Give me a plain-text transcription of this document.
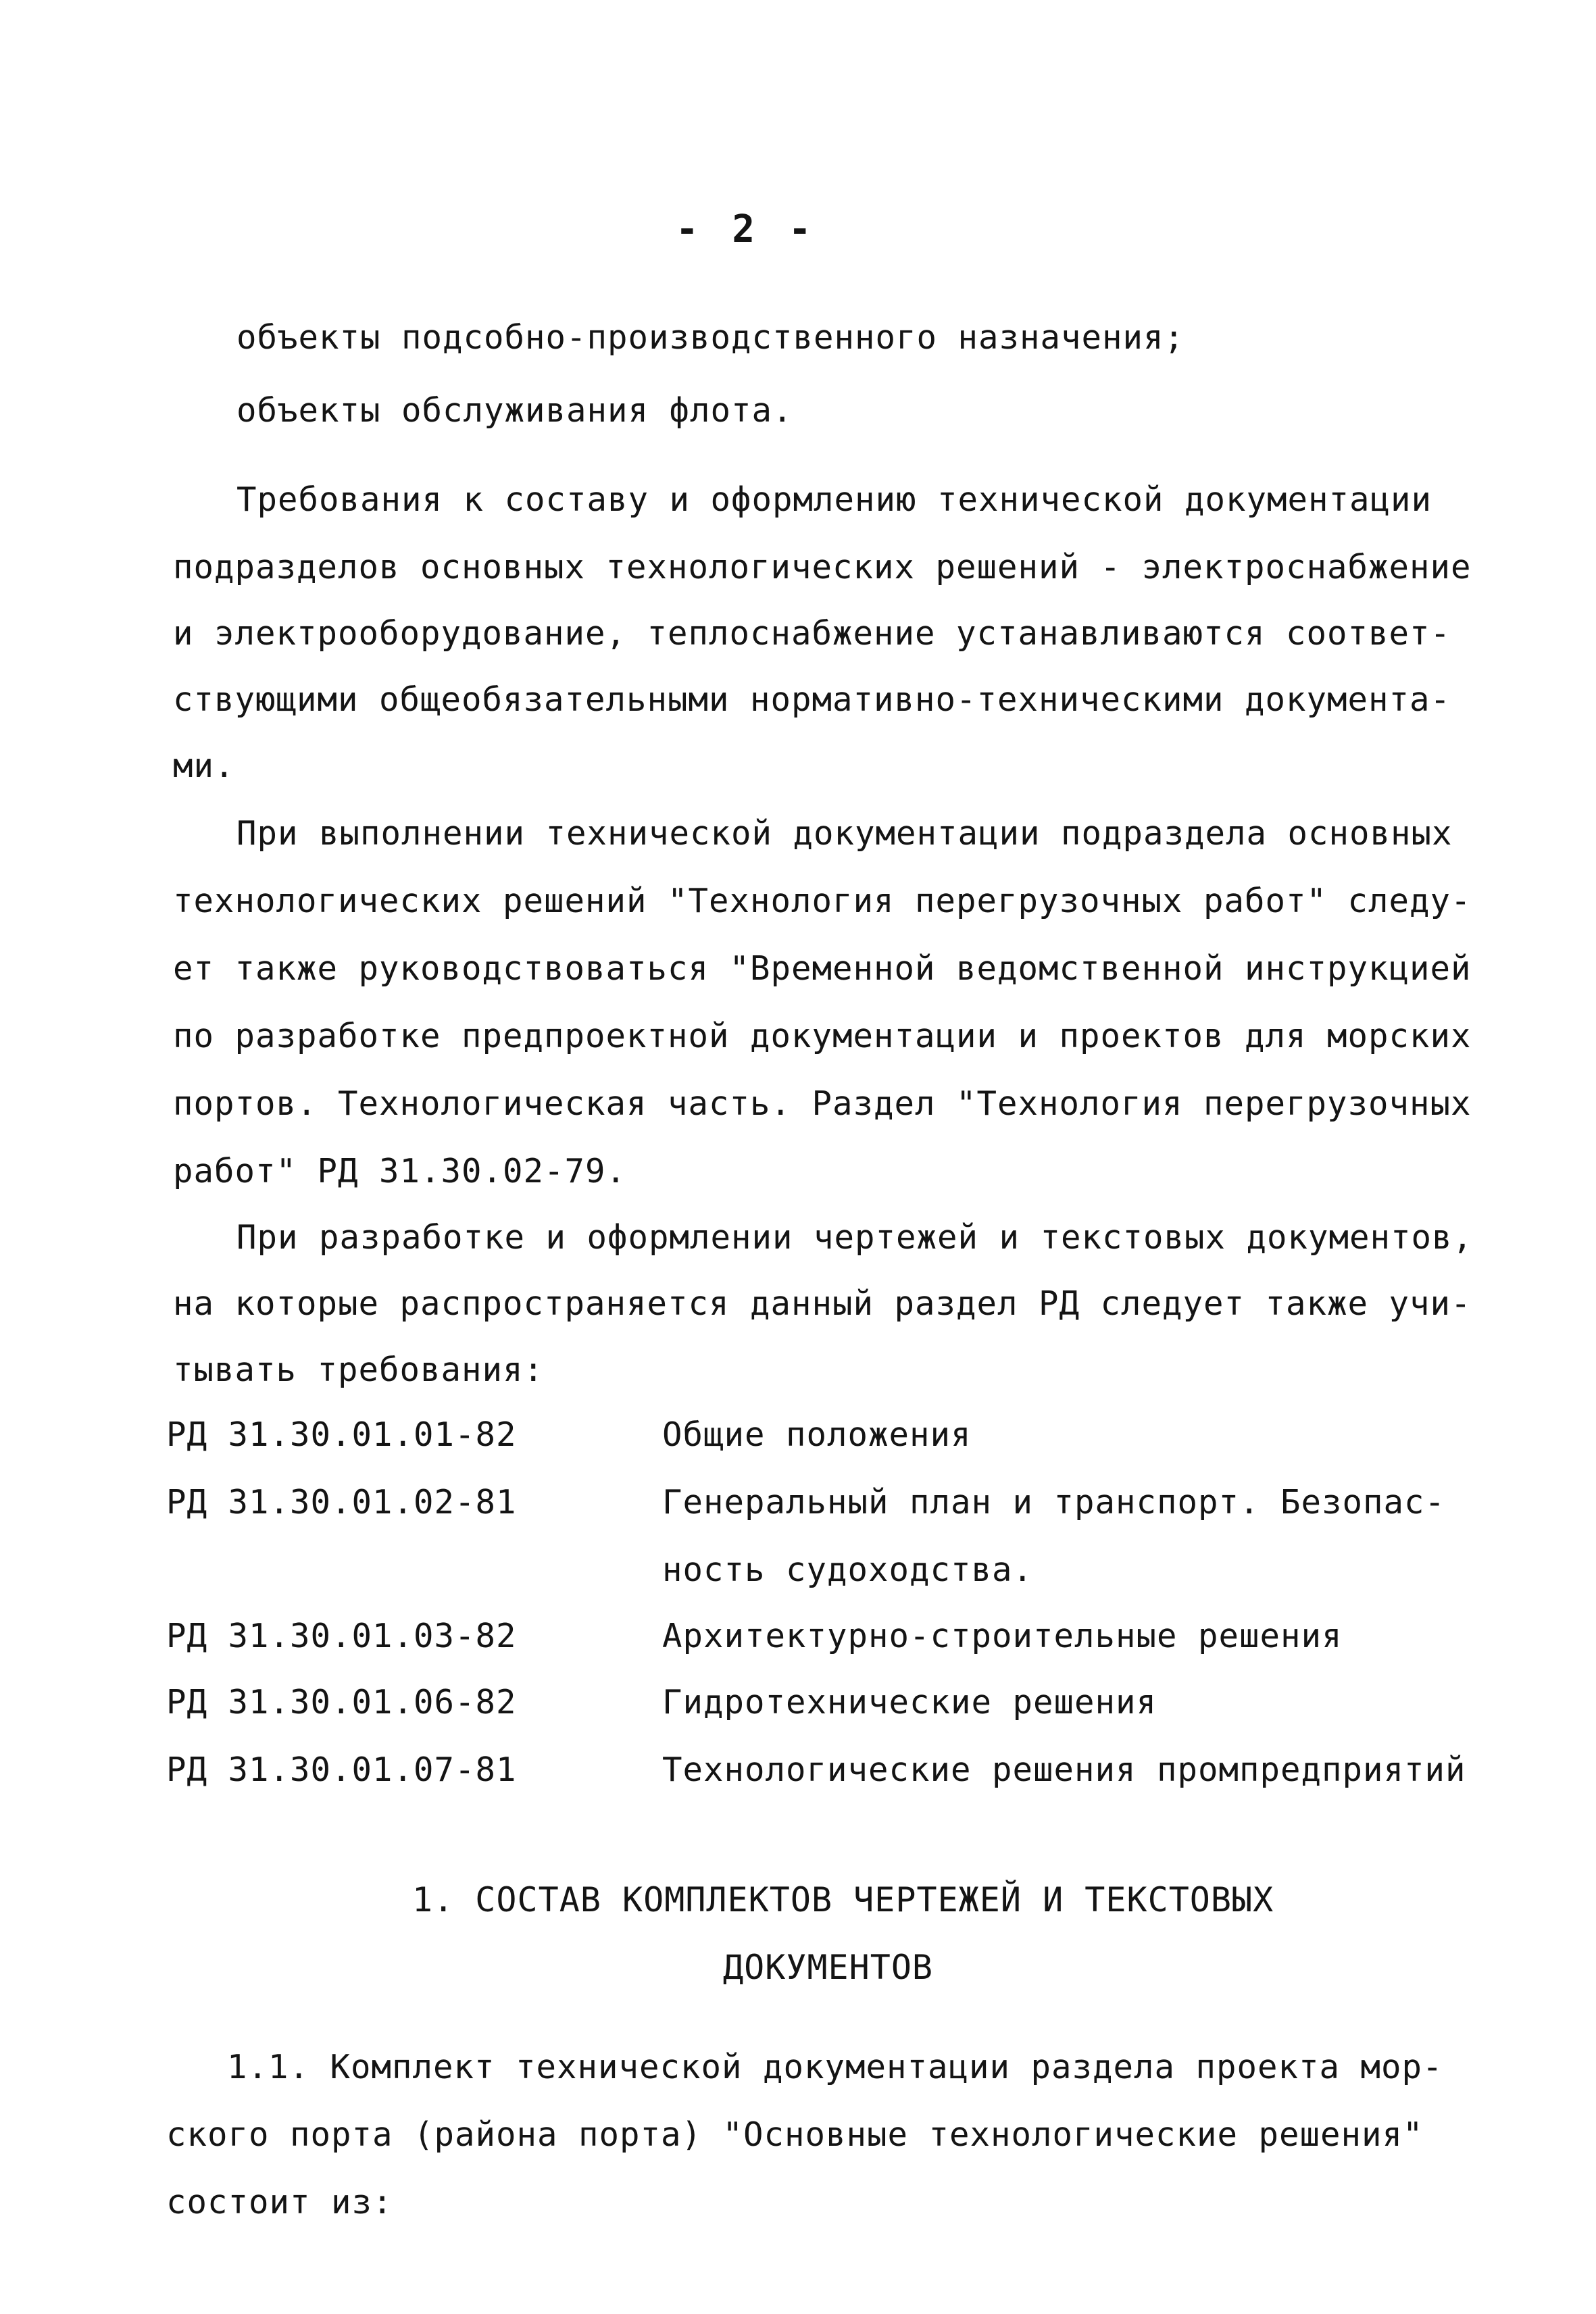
- 2 -
объекты подсобно-производственного назначения;
объекты обслуживания флота.
Требования к составу и оформлению технической документации
подразделов основных технологических решений - электроснабжение
и электрооборудование, теплоснабжение устанавливаются соответ-
ствующими общеобязательными нормативно-техническими документа-
ми.
При выполнении технической документации подраздела основных
технологических решений "Технология перегрузочных работ" следу-
ет также руководствоваться "Временной ведомственной инструкцией
по разработке предпроектной документации и проектов для морских
портов. Технологическая часть. Раздел "Технология перегрузочных
работ" РД 31.30.02-79.
При разработке и оформлении чертежей и текстовых документов,
на которые распространяется данный раздел РД следует также учи-
тывать требования:
РД 31.30.01.01-82	Общие положения
РД 31.30.01.02-81	Генеральный план и транспорт. Безопас-
ность судоходства.
РД 31.30.01.03-82	Архитектурно-строительные решения
РД 31.30.01.06-82	Гидротехнические решения
РД 31.30.01.07-81	Технологические решения промпредприятий
1. СОСТАВ КОМПЛЕКТОВ ЧЕРТЕЖЕЙ И ТЕКСТОВЫХ
ДОКУМЕНТОВ
1.1. Комплект технической документации раздела проекта мор-
ского порта (района порта) "Основные технологические решения"
состоит из:
